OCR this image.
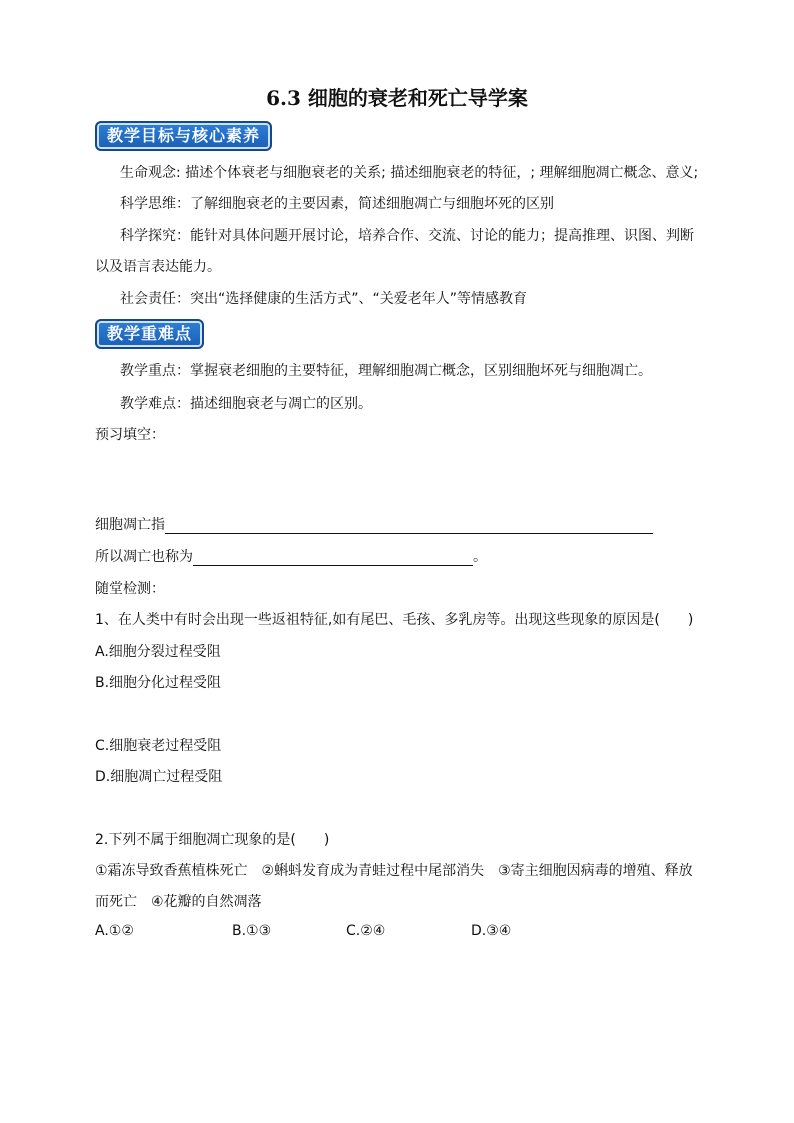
6.3 细胞的衰老和死亡导学案
教学目标与核心素养
生命观念: 描述个体衰老与细胞衰老的关系; 描述细胞衰老的特征，; 理解细胞凋亡概念、意义;
科学思维：了解细胞衰老的主要因素，简述细胞凋亡与细胞坏死的区别
科学探究：能针对具体问题开展讨论，培养合作、交流、讨论的能力；提高推理、识图、判断
以及语言表达能力。
社会责任：突出“选择健康的生活方式”、“关爱老年人”等情感教育
教学重难点
教学重点：掌握衰老细胞的主要特征，理解细胞凋亡概念，区别细胞坏死与细胞凋亡。
教学难点：描述细胞衰老与凋亡的区别。
预习填空：
细胞凋亡指
所以凋亡也称为	。
随堂检测：
1、在人类中有时会出现一些返祖特征,如有尾巴、毛孩、多乳房等。出现这些现象的原因是(　　)
A.细胞分裂过程受阻
B.细胞分化过程受阻
C.细胞衰老过程受阻
D.细胞凋亡过程受阻
2.下列不属于细胞凋亡现象的是(　　)
①霜冻导致香蕉植株死亡　②蝌蚪发育成为青蛙过程中尾部消失　③寄主细胞因病毒的增殖、释放
而死亡　④花瓣的自然凋落
A.①②	B.①③	C.②④	D.③④
